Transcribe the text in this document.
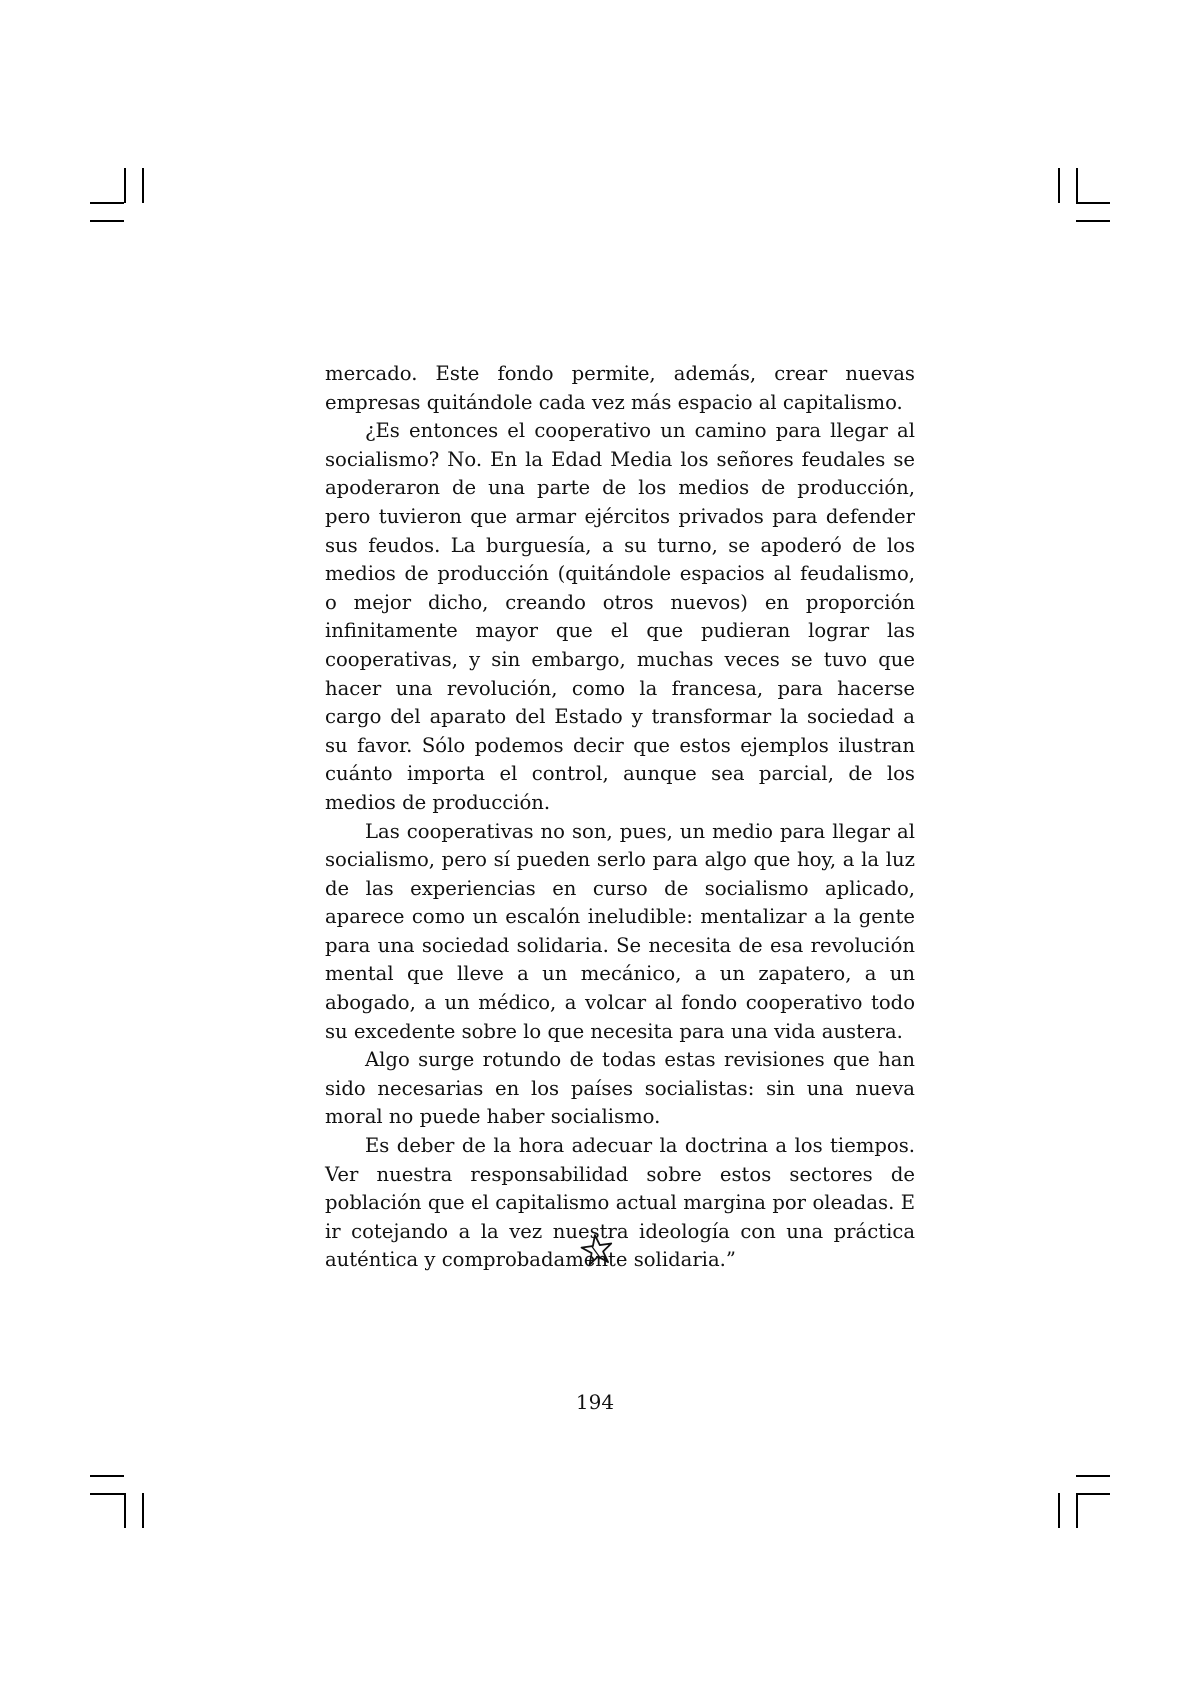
mercado. Este fondo permite, además, crear nuevas empresas quitándole cada vez más espacio al capitalismo.

¿Es entonces el cooperativo un camino para llegar al socialismo? No. En la Edad Media los señores feudales se apoderaron de una parte de los medios de producción, pero tuvieron que armar ejércitos privados para defender sus feudos. La burguesía, a su turno, se apoderó de los medios de producción (quitándole espacios al feudalismo, o mejor dicho, creando otros nuevos) en proporción infinitamente mayor que el que pudieran lograr las cooperativas, y sin embargo, muchas veces se tuvo que hacer una revolución, como la francesa, para hacerse cargo del aparato del Estado y transformar la sociedad a su favor. Sólo podemos decir que estos ejemplos ilustran cuánto importa el control, aunque sea parcial, de los medios de producción.

Las cooperativas no son, pues, un medio para llegar al socialismo, pero sí pueden serlo para algo que hoy, a la luz de las experiencias en curso de socialismo aplicado, aparece como un escalón ineludible: mentalizar a la gente para una sociedad solidaria. Se necesita de esa revolución mental que lleve a un mecánico, a un zapatero, a un abogado, a un médico, a volcar al fondo cooperativo todo su excedente sobre lo que necesita para una vida austera.

Algo surge rotundo de todas estas revisiones que han sido necesarias en los países socialistas: sin una nueva moral no puede haber socialismo.

Es deber de la hora adecuar la doctrina a los tiempos. Ver nuestra responsabilidad sobre estos sectores de población que el capitalismo actual margina por oleadas. E ir cotejando a la vez nuestra ideología con una práctica auténtica y comprobadamente solidaria.”

194
